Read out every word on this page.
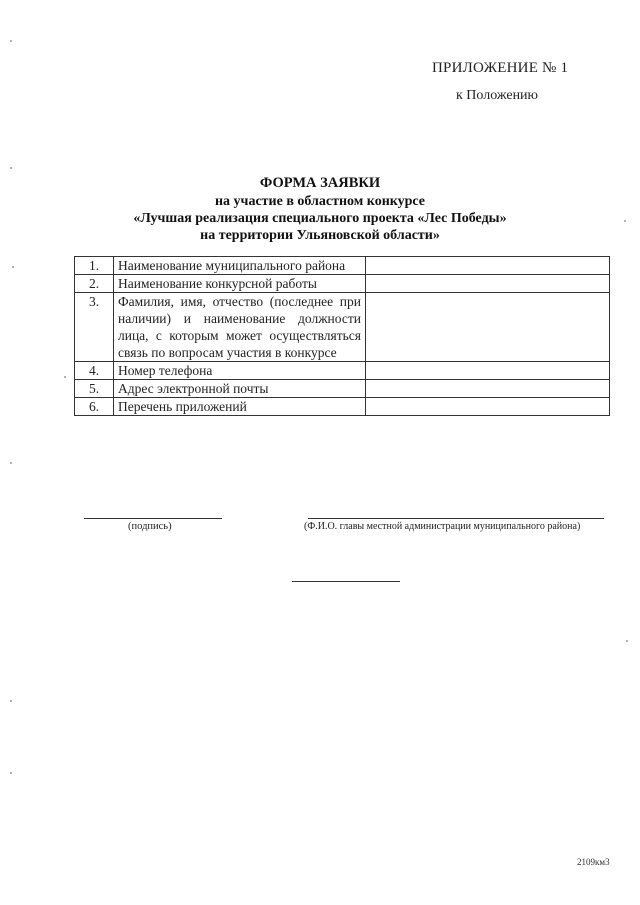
ПРИЛОЖЕНИЕ № 1
к Положению
ФОРМА ЗАЯВКИ
на участие в областном конкурсе
«Лучшая реализация специального проекта «Лес Победы»
на территории Ульяновской области»
1.	Наименование муниципального района	
2.	Наименование конкурсной работы	
3.	Фамилия, имя, отчество (последнее при наличии) и наименование должности лица, с которым может осуществляться связь по вопросам участия в конкурсе	
4.	Номер телефона	
5.	Адрес электронной почты	
6.	Перечень приложений	
(подпись)	(Ф.И.О. главы местной администрации муниципального района)
2109км3
